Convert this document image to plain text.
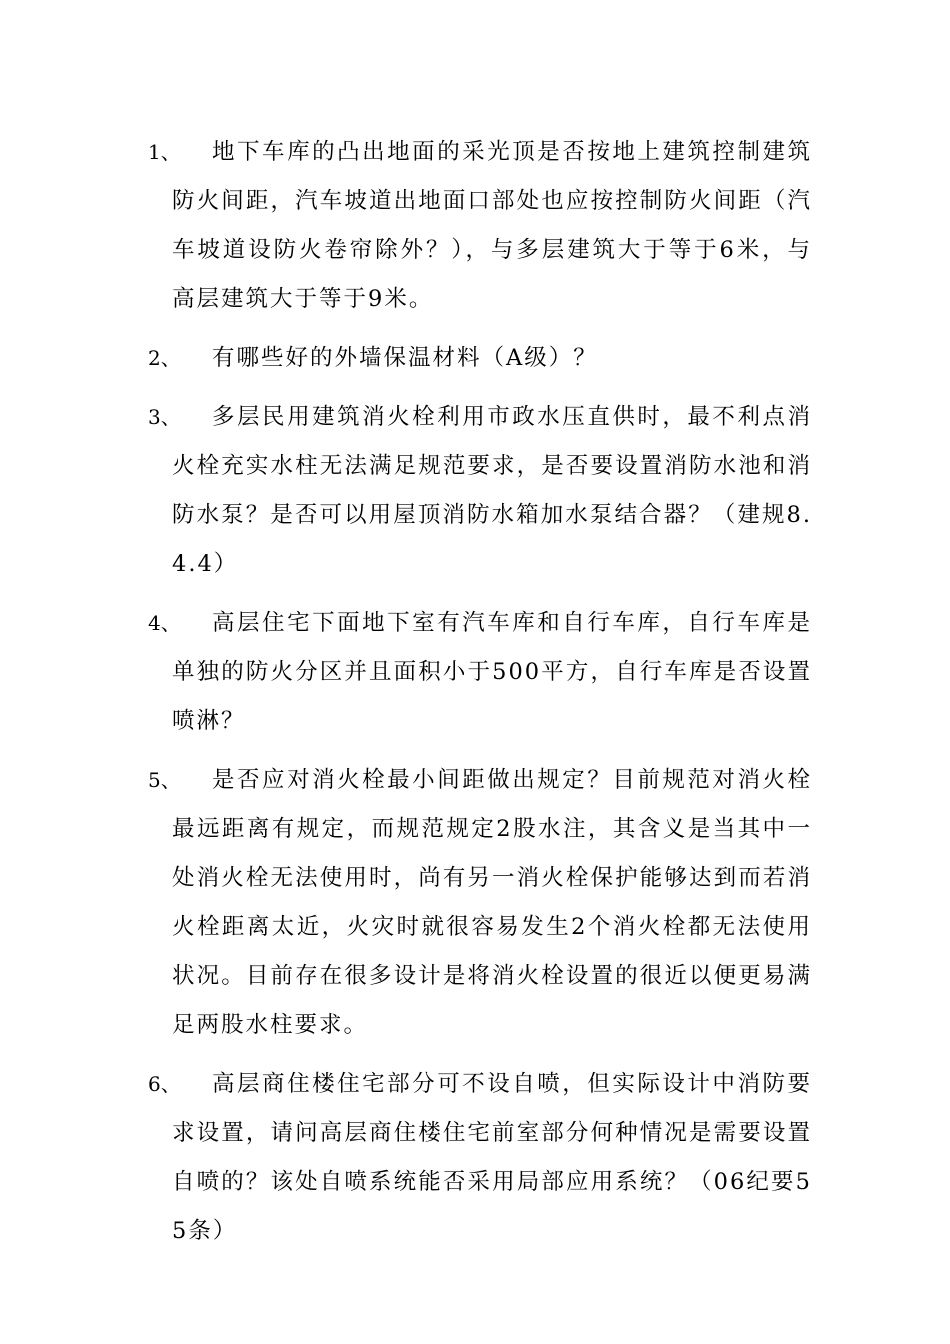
1、	地下车库的凸出地面的采光顶是否按地上建筑控制建筑防火间距，汽车坡道出地面口部处也应按控制防火间距（汽车坡道设防火卷帘除外？），与多层建筑大于等于6米，与高层建筑大于等于9米。
2、	有哪些好的外墙保温材料（A级）？
3、	多层民用建筑消火栓利用市政水压直供时，最不利点消火栓充实水柱无法满足规范要求，是否要设置消防水池和消防水泵？是否可以用屋顶消防水箱加水泵结合器？（建规8.4.4）
4、	高层住宅下面地下室有汽车库和自行车库，自行车库是单独的防火分区并且面积小于500平方，自行车库是否设置喷淋？
5、	是否应对消火栓最小间距做出规定？目前规范对消火栓最远距离有规定，而规范规定2股水注，其含义是当其中一处消火栓无法使用时，尚有另一消火栓保护能够达到而若消火栓距离太近，火灾时就很容易发生2个消火栓都无法使用状况。目前存在很多设计是将消火栓设置的很近以便更易满足两股水柱要求。
6、	高层商住楼住宅部分可不设自喷，但实际设计中消防要求设置，请问高层商住楼住宅前室部分何种情况是需要设置自喷的？该处自喷系统能否采用局部应用系统？（06纪要55条）
